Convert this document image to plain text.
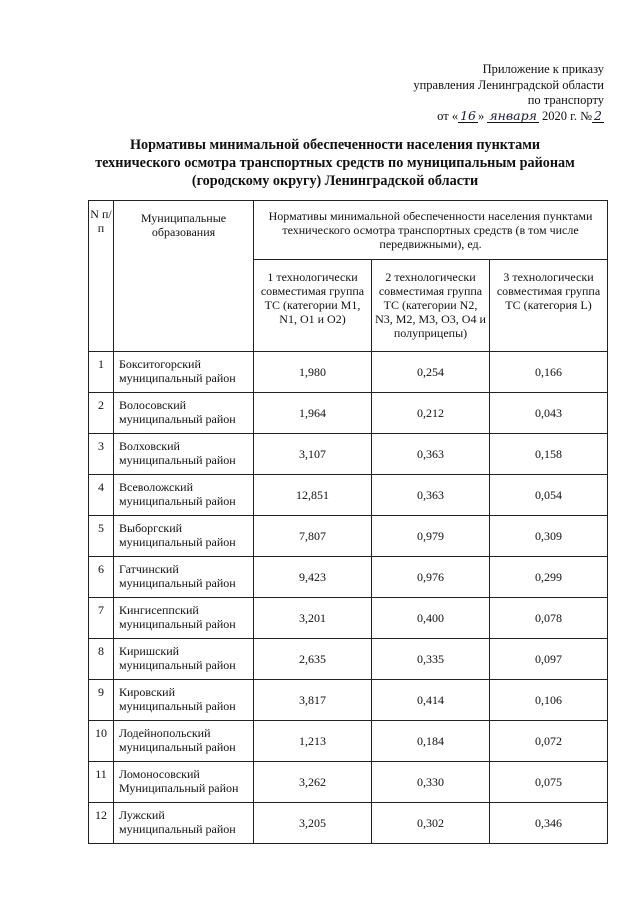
Приложение к приказу
управления Ленинградской области
по транспорту
от « 16 » января 2020 г. № 2
Нормативы минимальной обеспеченности населения пунктами технического осмотра транспортных средств по муниципальным районам (городскому округу) Ленинградской области
N п/п	Муниципальные образования	Нормативы минимальной обеспеченности населения пунктами технического осмотра транспортных средств (в том числе передвижными), ед.		
		1 технологически совместимая группа ТС (категории M1, N1, O1 и O2)	2 технологически совместимая группа ТС (категории N2, N3, M2, M3, O3, O4 и полуприцепы)	3 технологически совместимая группа ТС (категория L)
1	Бокситогорский муниципальный район	1,980	0,254	0,166
2	Волосовский муниципальный район	1,964	0,212	0,043
3	Волховский муниципальный район	3,107	0,363	0,158
4	Всеволожский муниципальный район	12,851	0,363	0,054
5	Выборгский муниципальный район	7,807	0,979	0,309
6	Гатчинский муниципальный район	9,423	0,976	0,299
7	Кингисеппский муниципальный район	3,201	0,400	0,078
8	Киришский муниципальный район	2,635	0,335	0,097
9	Кировский муниципальный район	3,817	0,414	0,106
10	Лодейнопольский муниципальный район	1,213	0,184	0,072
11	Ломоносовский Муниципальный район	3,262	0,330	0,075
12	Лужский муниципальный район	3,205	0,302	0,346
